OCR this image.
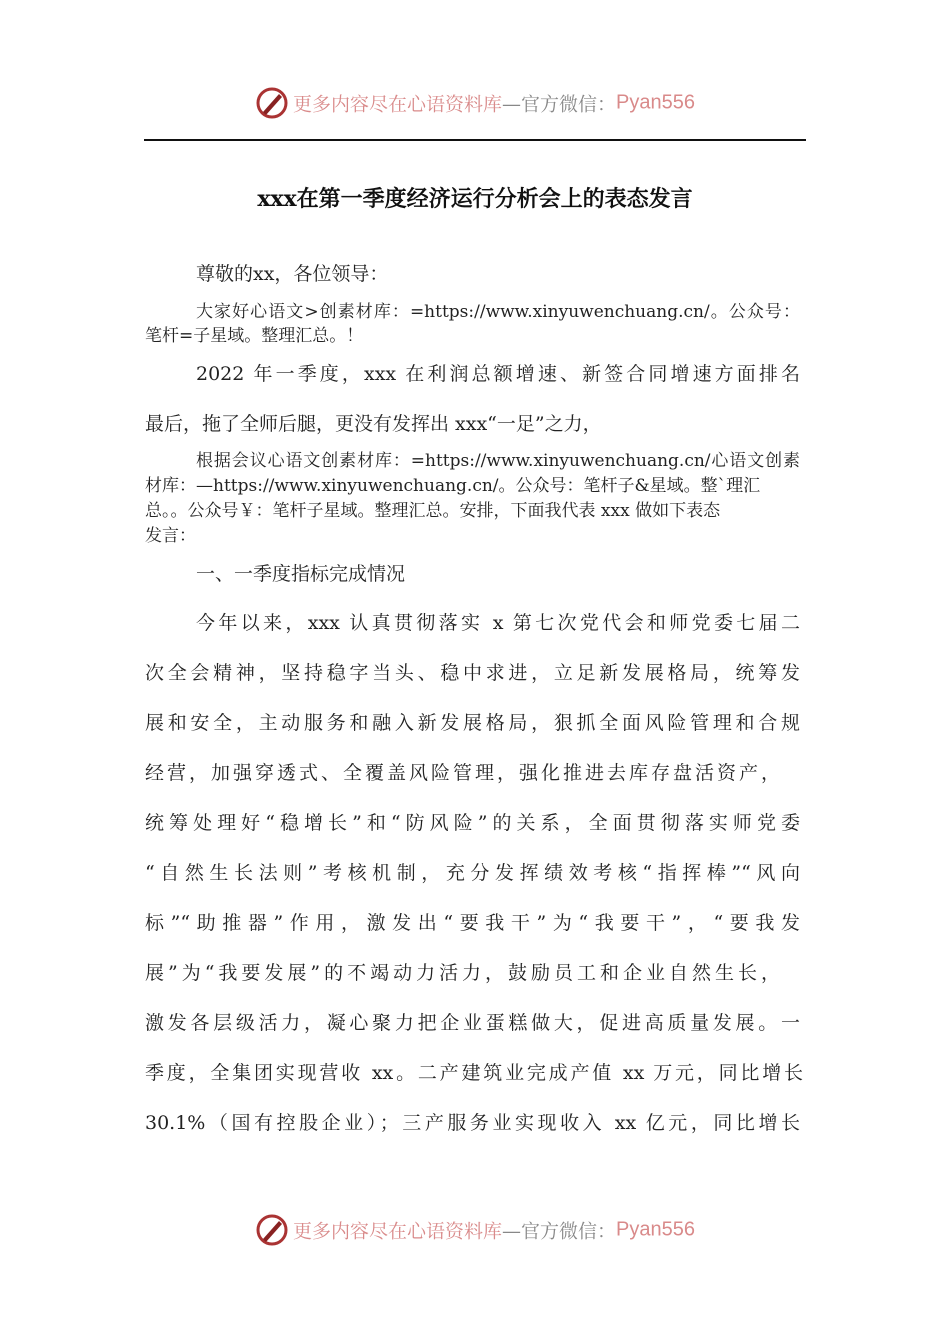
更多内容尽在心语资料库—官方微信：Pyan556
xxx在第一季度经济运行分析会上的表态发言
尊敬的xx，各位领导：
大家好心语文>创素材库：=https://www.xinyuwenchuang.cn/。公众号：
笔杆=子星域。整理汇总。！
2022 年一季度，xxx 在利润总额增速、新签合同增速方面排名
最后，拖了全师后腿，更没有发挥出 xxx“一足”之力，
根据会议心语文创素材库：=https://www.xinyuwenchuang.cn/心语文创素
材库：—https://www.xinyuwenchuang.cn/。公众号：笔杆子&星域。整`理汇
总。。公众号￥：笔杆子星域。整理汇总。安排，下面我代表 xxx 做如下表态
发言：
一、一季度指标完成情况
今年以来，xxx 认真贯彻落实 x 第七次党代会和师党委七届二
次全会精神，坚持稳字当头、稳中求进，立足新发展格局，统筹发
展和安全，主动服务和融入新发展格局，狠抓全面风险管理和合规
经营，加强穿透式、全覆盖风险管理，强化推进去库存盘活资产，
统筹处理好“稳增长”和“防风险”的关系，全面贯彻落实师党委
“自然生长法则”考核机制，充分发挥绩效考核“指挥棒”“风向
标”“助推器”作用，激发出“要我干”为“我要干”，“要我发
展”为“我要发展”的不竭动力活力，鼓励员工和企业自然生长，
激发各层级活力，凝心聚力把企业蛋糕做大，促进高质量发展。一
季度，全集团实现营收 xx。二产建筑业完成产值 xx 万元，同比增长
30.1%（国有控股企业）；三产服务业实现收入 xx 亿元，同比增长
更多内容尽在心语资料库—官方微信：Pyan556
